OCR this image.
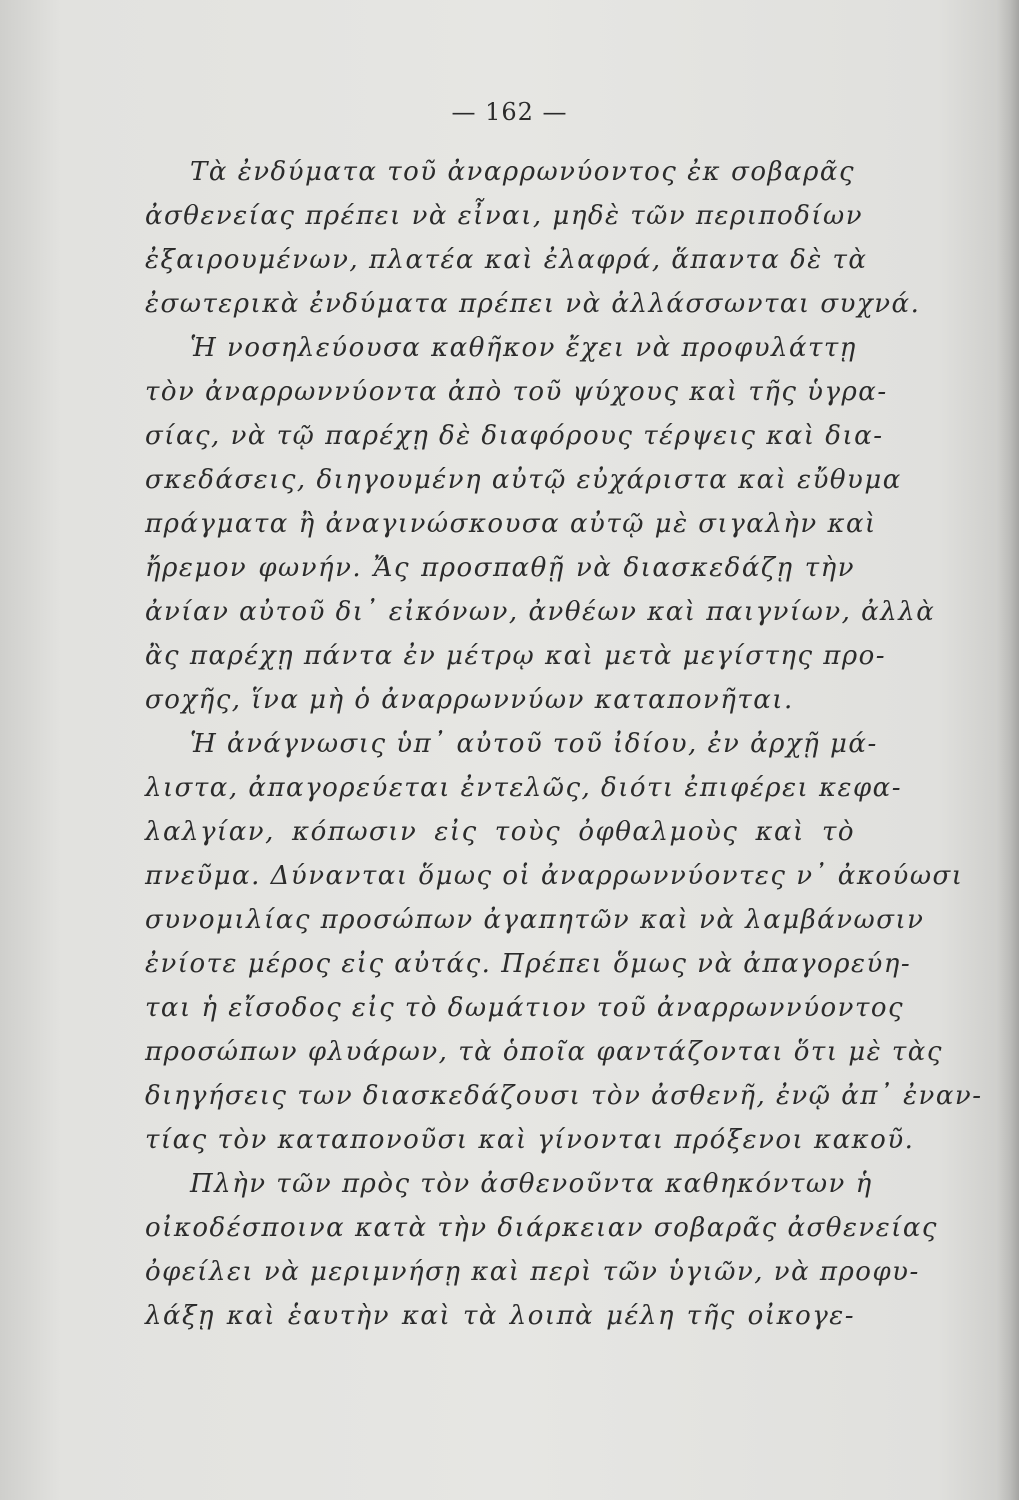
— 162 —
Τὰ ἐνδύματα τοῦ ἀναρρωνύοντος ἐκ σοβαρᾶς
ἀσθενείας πρέπει νὰ εἶναι, μηδὲ τῶν περιποδίων
ἐξαιρουμένων, πλατέα καὶ ἐλαφρά, ἅπαντα δὲ τὰ
ἐσωτερικὰ ἐνδύματα πρέπει νὰ ἀλλάσσωνται συχνά.
Ἡ νοσηλεύουσα καθῆκον ἔχει νὰ προφυλάττῃ
τὸν ἀναρρωννύοντα ἀπὸ τοῦ ψύχους καὶ τῆς ὑγρα-
σίας, νὰ τῷ παρέχῃ δὲ διαφόρους τέρψεις καὶ δια-
σκεδάσεις, διηγουμένη αὐτῷ εὐχάριστα καὶ εὔθυμα
πράγματα ἢ ἀναγινώσκουσα αὐτῷ μὲ σιγαλὴν καὶ
ἤρεμον φωνήν. Ἄς προσπαθῇ νὰ διασκεδάζῃ τὴν
ἀνίαν αὐτοῦ δι᾽ εἰκόνων, ἀνθέων καὶ παιγνίων, ἀλλὰ
ἂς παρέχῃ πάντα ἐν μέτρῳ καὶ μετὰ μεγίστης προ-
σοχῆς, ἵνα μὴ ὁ ἀναρρωννύων καταπονῆται.
Ἡ ἀνάγνωσις ὑπ᾽ αὐτοῦ τοῦ ἰδίου, ἐν ἀρχῇ μά-
λιστα, ἀπαγορεύεται ἐντελῶς, διότι ἐπιφέρει κεφα-
λαλγίαν, κόπωσιν εἰς τοὺς ὀφθαλμοὺς καὶ τὸ
πνεῦμα. Δύνανται ὅμως οἱ ἀναρρωννύοντες ν᾽ ἀκούωσι
συνομιλίας προσώπων ἀγαπητῶν καὶ νὰ λαμβάνωσιν
ἐνίοτε μέρος εἰς αὐτάς. Πρέπει ὅμως νὰ ἀπαγορεύη-
ται ἡ εἴσοδος εἰς τὸ δωμάτιον τοῦ ἀναρρωννύοντος
προσώπων φλυάρων, τὰ ὁποῖα φαντάζονται ὅτι μὲ τὰς
διηγήσεις των διασκεδάζουσι τὸν ἀσθενῆ, ἐνῷ ἀπ᾽ ἐναν-
τίας τὸν καταπονοῦσι καὶ γίνονται πρόξενοι κακοῦ.
Πλὴν τῶν πρὸς τὸν ἀσθενοῦντα καθηκόντων ἡ
οἰκοδέσποινα κατὰ τὴν διάρκειαν σοβαρᾶς ἀσθενείας
ὀφείλει νὰ μεριμνήσῃ καὶ περὶ τῶν ὑγιῶν, νὰ προφυ-
λάξῃ καὶ ἑαυτὴν καὶ τὰ λοιπὰ μέλη τῆς οἰκογε-
